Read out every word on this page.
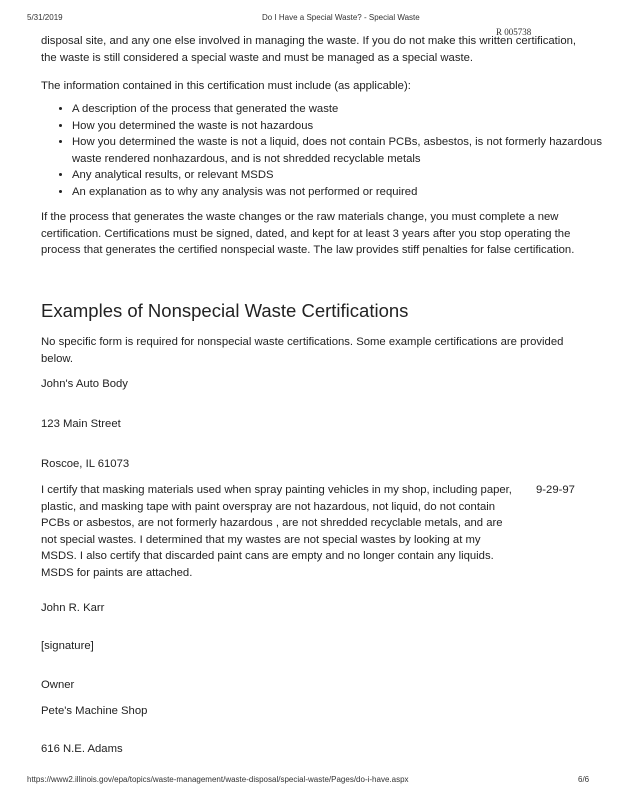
5/31/2019	Do I Have a Special Waste? - Special Waste
R 005738
disposal site, and any one else involved in managing the waste. If you do not make this written certification, the waste is still considered a special waste and must be managed as a special waste.
The information contained in this certification must include (as applicable):
• A description of the process that generated the waste
• How you determined the waste is not hazardous
• How you determined the waste is not a liquid, does not contain PCBs, asbestos, is not formerly hazardous waste rendered nonhazardous, and is not shredded recyclable metals
• Any analytical results, or relevant MSDS
• An explanation as to why any analysis was not performed or required
If the process that generates the waste changes or the raw materials change, you must complete a new certification. Certifications must be signed, dated, and kept for at least 3 years after you stop operating the process that generates the certified nonspecial waste. The law provides stiff penalties for false certification.
Examples of Nonspecial Waste Certifications
No specific form is required for nonspecial waste certifications. Some example certifications are provided below.
John's Auto Body
123 Main Street
Roscoe, IL 61073
9-29-97
I certify that masking materials used when spray painting vehicles in my shop, including paper, plastic, and masking tape with paint overspray are not hazardous, not liquid, do not contain PCBs or asbestos, are not formerly hazardous , are not shredded recyclable metals, and are not special wastes. I determined that my wastes are not special wastes by looking at my MSDS. I also certify that discarded paint cans are empty and no longer contain any liquids. MSDS for paints are attached.
John R. Karr
[signature]
Owner
Pete's Machine Shop
616 N.E. Adams
https://www2.illinois.gov/epa/topics/waste-management/waste-disposal/special-waste/Pages/do-i-have.aspx	6/6
